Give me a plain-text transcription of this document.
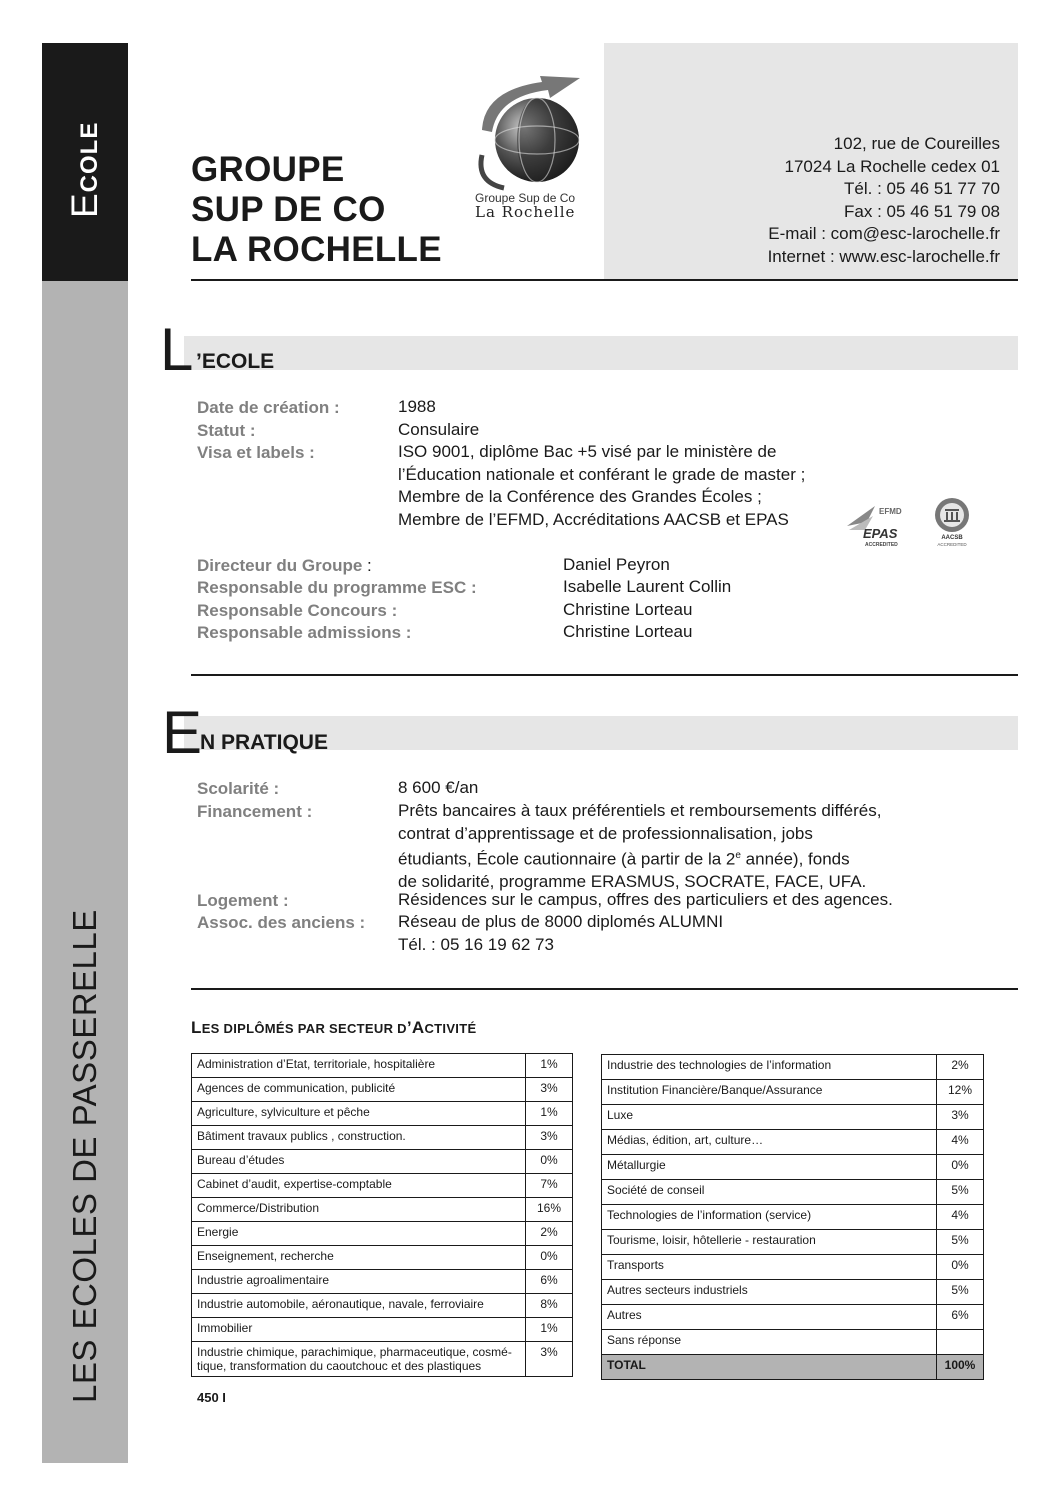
ECOLE
LES ECOLES DE PASSERELLE
GROUPE
SUP DE CO
LA ROCHELLE
Groupe Sup de Co
La Rochelle
102, rue de Coureilles
17024 La Rochelle cedex 01
Tél. : 05 46 51 77 70
Fax : 05 46 51 79 08
E-mail : com@esc-larochelle.fr
Internet : www.esc-larochelle.fr
L ’ECOLE
Date de création :	1988
Statut :	Consulaire
Visa et labels :	ISO 9001, diplôme Bac +5 visé par le ministère de
l’Éducation nationale et conférant le grade de master ;
Membre de la Conférence des Grandes Écoles ;
Membre de l’EFMD, Accréditations AACSB et EPAS	EFMD
EPAS
ACCREDITED
AACSB
ACCREDITED
Directeur du Groupe :	Daniel Peyron
Responsable du programme ESC :	Isabelle Laurent Collin
Responsable Concours :	Christine Lorteau
Responsable admissions :	Christine Lorteau
E
N PRATIQUE
Scolarité :	8 600 €/an
Financement :	Prêts bancaires à taux préférentiels et remboursements différés,
contrat d’apprentissage et de professionnalisation, jobs
étudiants, École cautionnaire (à partir de la 2e année), fonds
de solidarité, programme ERASMUS, SOCRATE, FACE, UFA.
Logement :	Résidences sur le campus, offres des particuliers et des agences.
Assoc. des anciens : Réseau de plus de 8000 diplomés ALUMNI
Tél. : 05 16 19 62 73
LES DIPLÔMÉS PAR SECTEUR D’ACTIVITÉ
Administration d’Etat, territoriale, hospitalière	1%
Agences de communication, publicité	3%
Agriculture, sylviculture et pêche	1%
Bâtiment travaux publics , construction.	3%
Bureau d’études	0%
Cabinet d’audit, expertise-comptable	7%
Commerce/Distribution	16%
Energie	2%
Enseignement, recherche	0%
Industrie agroalimentaire	6%
Industrie automobile, aéronautique, navale, ferroviaire	8%
Immobilier	1%
Industrie chimique, parachimique, pharmaceutique, cosmé-tique, transformation du caoutchouc et des plastiques	3%
Industrie des technologies de l’information	2%
Institution Financière/Banque/Assurance	12%
Luxe	3%
Médias, édition, art, culture…	4%
Métallurgie	0%
Société de conseil	5%
Technologies de l’information (service)	4%
Tourisme, loisir, hôtellerie - restauration	5%
Transports	0%
Autres secteurs industriels	5%
Autres	6%
Sans réponse	
TOTAL	100%
450 I
